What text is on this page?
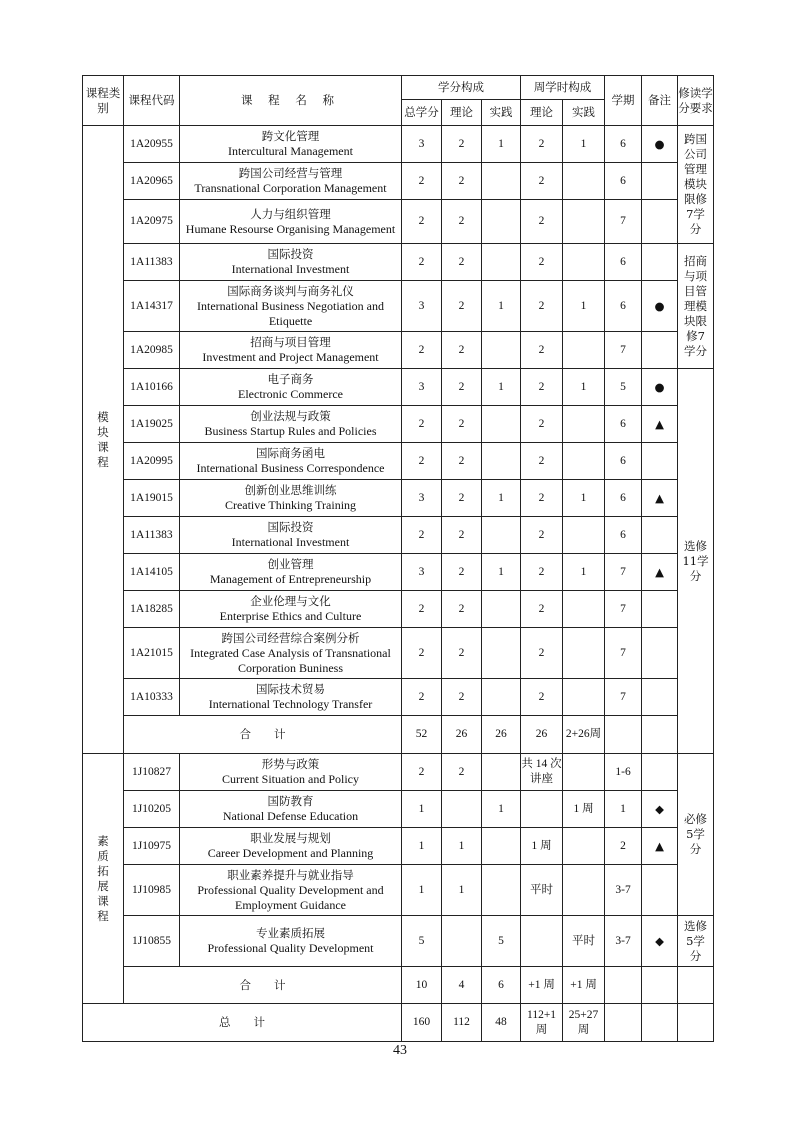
课程类别	课程代码	课 程 名 称	学分构成			周学时构成		学期	备注	修读学分要求
			总学分	理论	实践	理论	实践			
模块课程	1A20955	跨文化管理
Intercultural Management	3	2	1	2	1	6	●	跨国公司管理模块限修7学分
	1A20965	跨国公司经营与管理
Transnational Corporation Management	2	2		2		6		
	1A20975	人力与组织管理
Humane Resourse Organising Management	2	2		2		7		
	1A11383	国际投资
International Investment	2	2		2		6		招商与项目管理模块限修7学分
	1A14317	国际商务谈判与商务礼仪
International Business Negotiation and Etiquette	3	2	1	2	1	6	●	
	1A20985	招商与项目管理
Investment and Project Management	2	2		2		7		
	1A10166	电子商务
Electronic Commerce	3	2	1	2	1	5	●	选修11学分
	1A19025	创业法规与政策
Business Startup Rules and Policies	2	2		2		6	▲	
	1A20995	国际商务函电
International Business Correspondence	2	2		2		6		
	1A19015	创新创业思维训练
Creative Thinking Training	3	2	1	2	1	6	▲	
	1A11383	国际投资
International Investment	2	2		2		6		
	1A14105	创业管理
Management of Entrepreneurship	3	2	1	2	1	7	▲	
	1A18285	企业伦理与文化
Enterprise Ethics and Culture	2	2		2		7		
	1A21015	跨国公司经营综合案例分析
Integrated Case Analysis of Transnational Corporation Buniness	2	2		2		7		
	1A10333	国际技术贸易
International Technology Transfer	2	2		2		7		
	合　　计		52	26	26	26	2+26周			
素质拓展课程	1J10827	形势与政策
Current Situation and Policy	2	2		共 14 次讲座		1-6		必修5学分
	1J10205	国防教育
National Defense Education	1		1		1 周	1	◆	
	1J10975	职业发展与规划
Career Development and Planning	1	1		1 周		2	▲	
	1J10985	职业素养提升与就业指导
Professional Quality Development and Employment Guidance	1	1		平时		3-7		
	1J10855	专业素质拓展
Professional Quality Development	5		5		平时	3-7	◆	选修5学分
	合　　计		10	4	6	+1 周	+1 周			
总　　计			160	112	48	112+1 周	25+27 周			
43
